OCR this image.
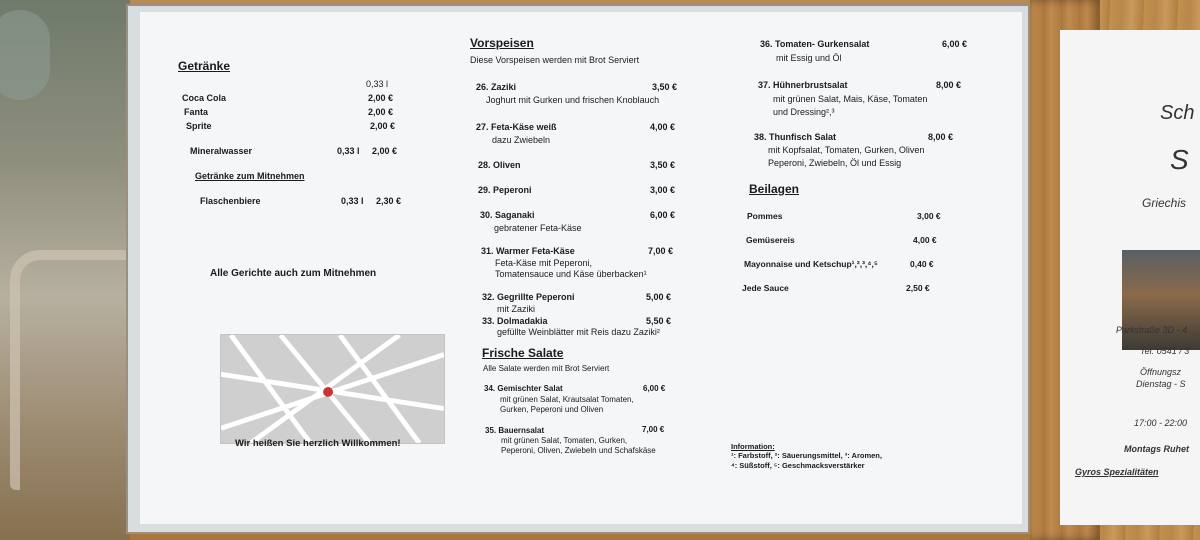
Getränke
0,33 l
Coca Cola	2,00 €
Fanta	2,00 €
Sprite	2,00 €
Mineralwasser	0,33 l 2,00 €
Getränke zum Mitnehmen
Flaschenbiere	0,33 l 2,30 €
Alle Gerichte auch zum Mitnehmen
Wir heißen Sie herzlich Willkommen!
Vorspeisen
Diese Vorspeisen werden mit Brot Serviert
26. Zaziki	3,50 €
Joghurt mit Gurken und frischen Knoblauch
27. Feta-Käse weiß	4,00 €
dazu Zwiebeln
28. Oliven	3,50 €
29. Peperoni	3,00 €
30. Saganaki	6,00 €
gebratener Feta-Käse
31. Warmer Feta-Käse	7,00 €
Feta-Käse mit Peperoni,
Tomatensauce und Käse überbacken¹
32. Gegrillte Peperoni	5,00 €
mit Zaziki
33. Dolmadakia	5,50 €
gefüllte Weinblätter mit Reis dazu Zaziki²
Frische Salate
Alle Salate werden mit Brot Serviert
34. Gemischter Salat	6,00 €
mit grünen Salat, Krautsalat Tomaten,
Gurken, Peperoni und Oliven
35. Bauernsalat	7,00 €
mit grünen Salat, Tomaten, Gurken,
Peperoni, Oliven, Zwiebeln und Schafskäse
36. Tomaten- Gurkensalat	6,00 €
mit Essig und Öl
37. Hühnerbrustsalat	8,00 €
mit grünen Salat, Mais, Käse, Tomaten
und Dressing²,³
38. Thunfisch Salat	8,00 €
mit Kopfsalat, Tomaten, Gurken, Oliven
Peperoni, Zwiebeln, Öl und Essig
Beilagen
Pommes	3,00 €
Gemüsereis	4,00 €
Mayonnaise und Ketschup¹,²,³,⁴,⁵	0,40 €
Jede Sauce	2,50 €
Information:
¹: Farbstoff, ²: Säuerungsmittel, ³: Aromen,
⁴: Süßstoff, ⁵: Geschmacksverstärker
Sch
S
Griechis
Parkstraße 3D - 4
Tel: 0541 / 3
Öffnungsz
Dienstag - S
17:00 - 22:00
Montags Ruhet
Gyros Spezialitäten
